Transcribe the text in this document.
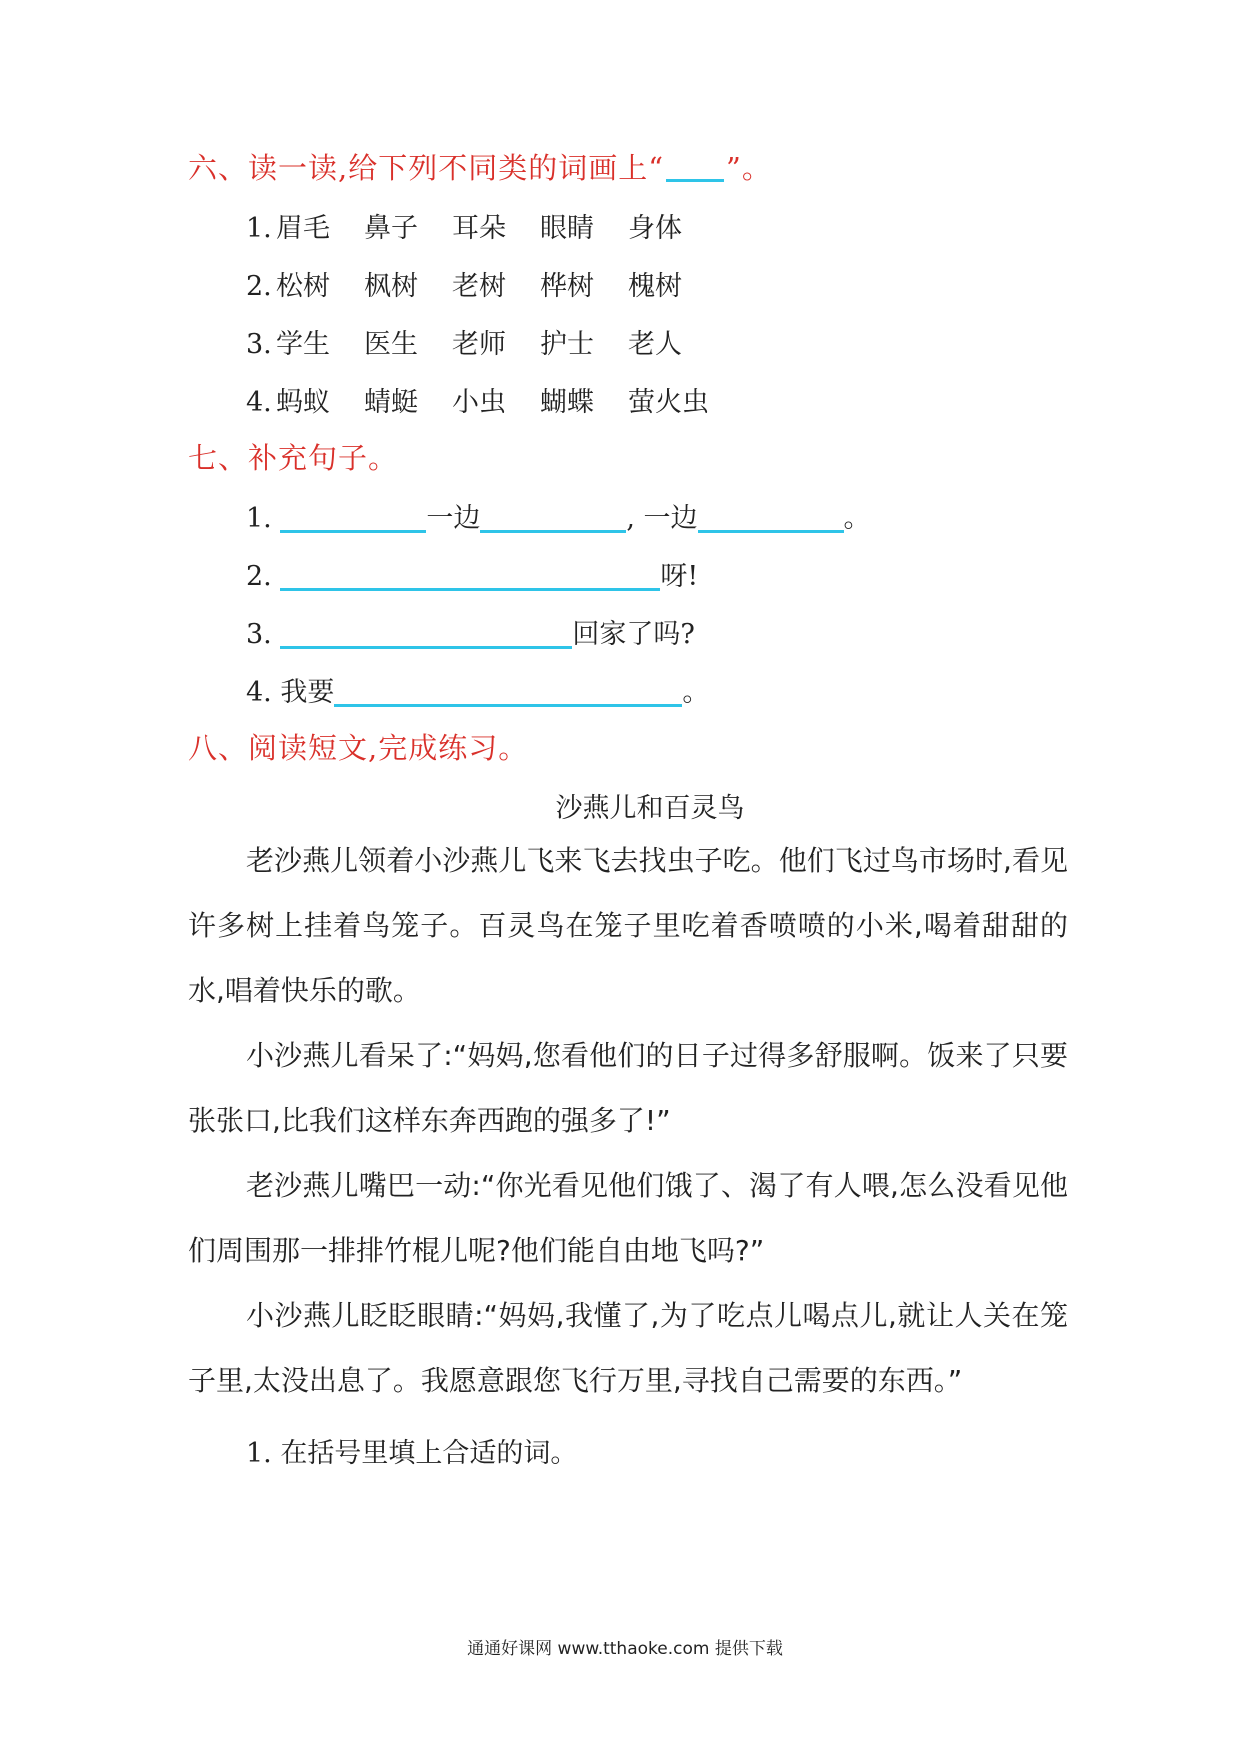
六、读一读,给下列不同类的词画上“ ”。
1. 眉毛 鼻子 耳朵 眼睛 身体
2. 松树 枫树 老树 桦树 槐树
3. 学生 医生 老师 护士 老人
4. 蚂蚁 蜻蜓 小虫 蝴蝶 萤火虫
七、补充句子。
1.	一边	, 一边	。
2.	呀!
3.	回家了吗?
4. 我要	。
八、阅读短文,完成练习。
沙燕儿和百灵鸟
老沙燕儿领着小沙燕儿飞来飞去找虫子吃。他们飞过鸟市场时,看见许多树上挂着鸟笼子。百灵鸟在笼子里吃着香喷喷的小米,喝着甜甜的水,唱着快乐的歌。
小沙燕儿看呆了:“妈妈,您看他们的日子过得多舒服啊。饭来了只要张张口,比我们这样东奔西跑的强多了!”
老沙燕儿嘴巴一动:“你光看见他们饿了、渴了有人喂,怎么没看见他们周围那一排排竹棍儿呢?他们能自由地飞吗?”
小沙燕儿眨眨眼睛:“妈妈,我懂了,为了吃点儿喝点儿,就让人关在笼子里,太没出息了。我愿意跟您飞行万里,寻找自己需要的东西。”
1. 在括号里填上合适的词。
通通好课网 www.tthaoke.com 提供下载
